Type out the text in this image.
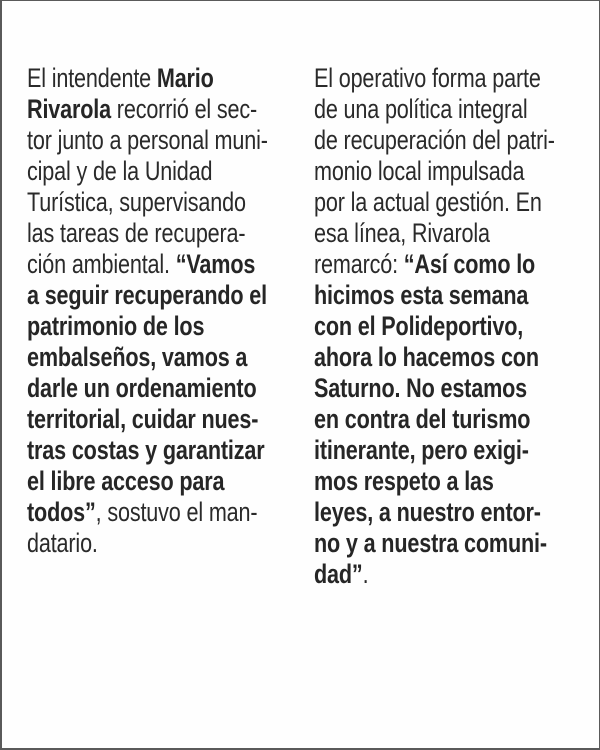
El intendente Mario
Rivarola recorrió el sec-
tor junto a personal muni-
cipal y de la Unidad
Turística, supervisando
las tareas de recupera-
ción ambiental. “Vamos
a seguir recuperando el
patrimonio de los
embalseños, vamos a
darle un ordenamiento
territorial, cuidar nues-
tras costas y garantizar
el libre acceso para
todos”, sostuvo el man-
datario.
El operativo forma parte
de una política integral
de recuperación del patri-
monio local impulsada
por la actual gestión. En
esa línea, Rivarola
remarcó: “Así como lo
hicimos esta semana
con el Polideportivo,
ahora lo hacemos con
Saturno. No estamos
en contra del turismo
itinerante, pero exigi-
mos respeto a las
leyes, a nuestro entor-
no y a nuestra comuni-
dad”.
